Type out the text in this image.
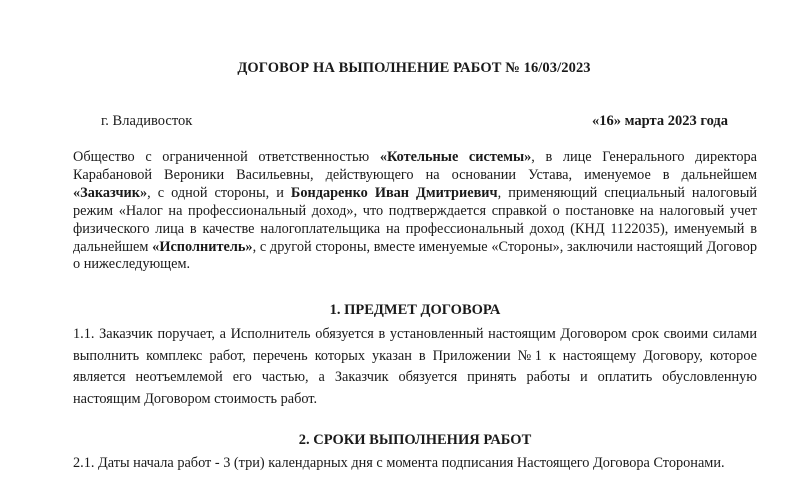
ДОГОВОР НА ВЫПОЛНЕНИЕ РАБОТ № 16/03/2023
г. Владивосток	«16» марта 2023 года
Общество с ограниченной ответственностью «Котельные системы», в лице Генерального директора Карабановой Вероники Васильевны, действующего на основании Устава, именуемое в дальнейшем «Заказчик», с одной стороны, и Бондаренко Иван Дмитриевич, применяющий специальный налоговый режим «Налог на профессиональный доход», что подтверждается справкой о постановке на налоговый учет физического лица в качестве налогоплательщика на профессиональный доход (КНД 1122035), именуемый в дальнейшем «Исполнитель», с другой стороны, вместе именуемые «Стороны», заключили настоящий Договор о нижеследующем.
1. ПРЕДМЕТ ДОГОВОРА
1.1. Заказчик поручает, а Исполнитель обязуется в установленный настоящим Договором срок своими силами выполнить комплекс работ, перечень которых указан в Приложении №1 к настоящему Договору, которое является неотъемлемой его частью, а Заказчик обязуется принять работы и оплатить обусловленную настоящим Договором стоимость работ.
2. СРОКИ ВЫПОЛНЕНИЯ РАБОТ
2.1. Даты начала работ - 3 (три) календарных дня с момента подписания Настоящего Договора Сторонами.
